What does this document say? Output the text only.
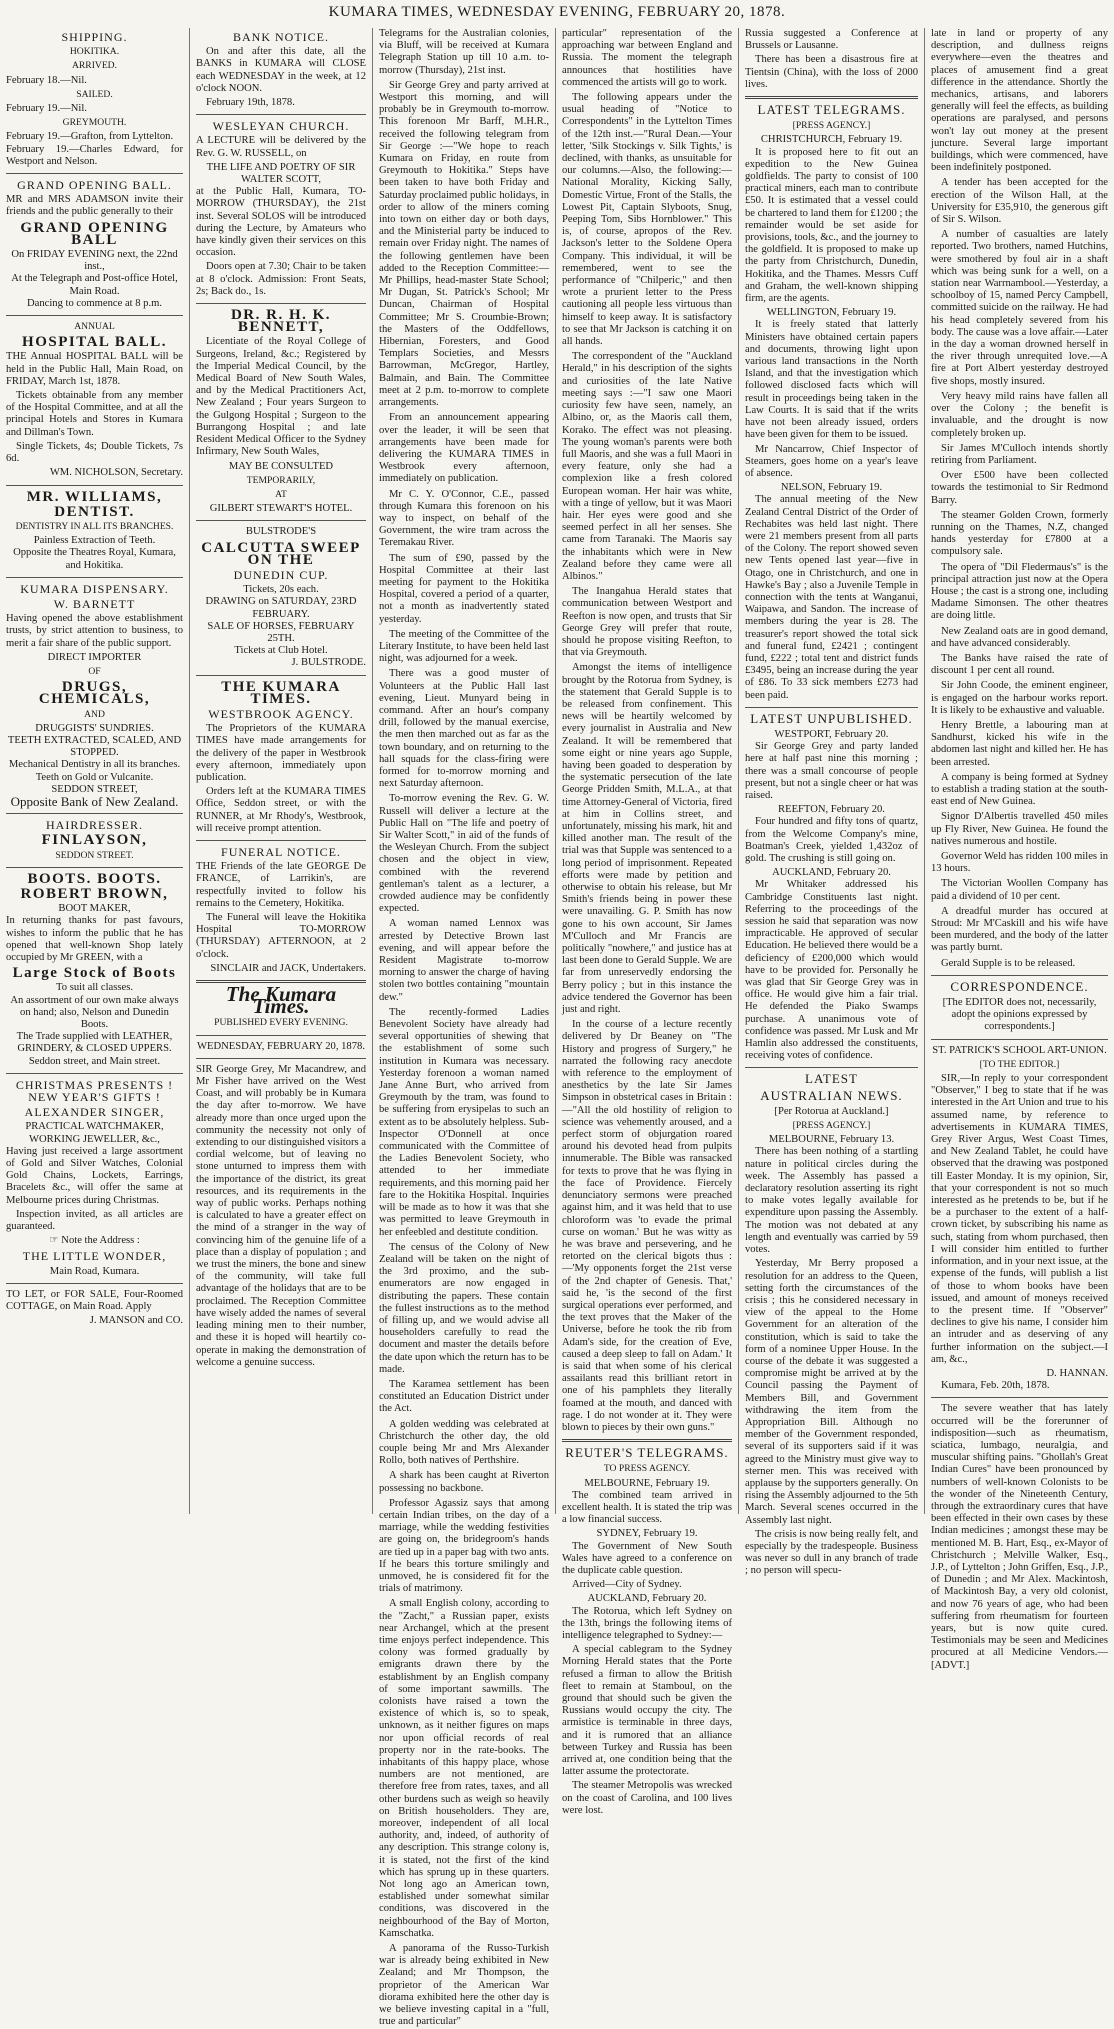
KUMARA TIMES, WEDNESDAY EVENING, FEBRUARY 20, 1878.
SHIPPING.
HOKITIKA.
ARRIVED.
February 18.—Nil.
SAILED.
February 19.—Nil.
GREYMOUTH.
February 19.—Grafton, from Lyttelton.
February 19.—Charles Edward, for Westport and Nelson.
GRAND OPENING BALL.

MR and MRS ADAMSON invite their friends and the public generally to their

GRAND OPENING BALL
On FRIDAY EVENING next, the 22nd inst.,
At the Telegraph and Post-office Hotel, Main Road.
Dancing to commence at 8 p.m.
ANNUAL
HOSPITAL BALL.

THE Annual HOSPITAL BALL will be held in the Public Hall, Main Road, on FRIDAY, March 1st, 1878.

Tickets obtainable from any member of the Hospital Committee, and at all the principal Hotels and Stores in Kumara and Dillman's Town.

Single Tickets, 4s; Double Tickets, 7s 6d.

WM. NICHOLSON, Secretary.
MR. WILLIAMS,
DENTIST.
DENTISTRY IN ALL ITS BRANCHES.
Painless Extraction of Teeth.
Opposite the Theatres Royal, Kumara, and Hokitika.
KUMARA DISPENSARY.
W. BARNETT

Having opened the above establishment trusts, by strict attention to business, to merit a fair share of the public support.

DIRECT IMPORTER
OF
DRUGS, CHEMICALS,
AND
DRUGGISTS' SUNDRIES.
TEETH EXTRACTED, SCALED, AND STOPPED.
Mechanical Dentistry in all its branches. Teeth on Gold or Vulcanite.
SEDDON STREET,
Opposite Bank of New Zealand.
HAIRDRESSER.
FINLAYSON,
SEDDON STREET.
BOOTS. BOOTS.
ROBERT BROWN,
BOOT MAKER,

In returning thanks for past favours, wishes to inform the public that he has opened that well-known Shop lately occupied by Mr GREEN, with a

Large Stock of Boots
To suit all classes.
An assortment of our own make always on hand; also, Nelson and Dunedin Boots.
The Trade supplied with LEATHER, GRINDERY, & CLOSED UPPERS.
Seddon street, and Main street.
CHRISTMAS PRESENTS ! NEW YEAR'S GIFTS !
ALEXANDER SINGER,
PRACTICAL WATCHMAKER,
WORKING JEWELLER, &c.,

Having just received a large assortment of Gold and Silver Watches, Colonial Gold Chains, Lockets, Earrings, Bracelets &c., will offer the same at Melbourne prices during Christmas.

Inspection invited, as all articles are guaranteed.

☞ Note the Address :
THE LITTLE WONDER,
Main Road, Kumara.

TO LET, or FOR SALE, Four-Roomed COTTAGE, on Main Road. Apply

J. MANSON and CO.
BANK NOTICE.

On and after this date, all the BANKS in KUMARA will CLOSE each WEDNESDAY in the week, at 12 o'clock NOON.

February 19th, 1878.

WESLEYAN CHURCH.

A LECTURE will be delivered by the Rev. G. W. RUSSELL, on

THE LIFE AND POETRY OF SIR WALTER SCOTT,

at the Public Hall, Kumara, TO-MORROW (THURSDAY), the 21st inst. Several SOLOS will be introduced during the Lecture, by Amateurs who have kindly given their services on this occasion.

Doors open at 7.30; Chair to be taken at 8 o'clock. Admission: Front Seats, 2s; Back do., 1s.

DR. R. H. K. BENNETT,

Licentiate of the Royal College of Surgeons, Ireland, &c.; Registered by the Imperial Medical Council, by the Medical Board of New South Wales, and by the Medical Practitioners Act, New Zealand ; Four years Surgeon to the Gulgong Hospital ; Surgeon to the Burrangong Hospital ; and late Resident Medical Officer to the Sydney Infirmary, New South Wales,

MAY BE CONSULTED
TEMPORARILY,
AT
GILBERT STEWART'S HOTEL.
BULSTRODE'S
CALCUTTA SWEEP ON THE
DUNEDIN CUP.
Tickets, 20s each.
DRAWING on SATURDAY, 23RD FEBRUARY.
SALE OF HORSES, FEBRUARY 25TH.
Tickets at Club Hotel.
J. BULSTRODE.
THE KUMARA TIMES.
WESTBROOK AGENCY.

The Proprietors of the KUMARA TIMES have made arrangements for the delivery of the paper in Westbrook every afternoon, immediately upon publication.

Orders left at the KUMARA TIMES Office, Seddon street, or with the RUNNER, at Mr Rhody's, Westbrook, will receive prompt attention.

FUNERAL NOTICE.

THE Friends of the late GEORGE De FRANCE, of Larrikin's, are respectfully invited to follow his remains to the Cemetery, Hokitika.

The Funeral will leave the Hokitika Hospital TO-MORROW (THURSDAY) AFTERNOON, at 2 o'clock.

SINCLAIR and JACK, Undertakers.
The Kumara Times.
PUBLISHED EVERY EVENING.
WEDNESDAY, FEBRUARY 20, 1878.

SIR George Grey, Mr Macandrew, and Mr Fisher have arrived on the West Coast, and will probably be in Kumara the day after to-morrow. We have already more than once urged upon the community the necessity not only of extending to our distinguished visitors a cordial welcome, but of leaving no stone unturned to impress them with the importance of the district, its great resources, and its requirements in the way of public works. Perhaps nothing is calculated to have a greater effect on the mind of a stranger in the way of convincing him of the genuine life of a place than a display of population ; and we trust the miners, the bone and sinew of the community, will take full advantage of the holidays that are to be proclaimed. The Reception Committee have wisely added the names of several leading mining men to their number, and these it is hoped will heartily co-operate in making the demonstration of welcome a genuine success.

Telegrams for the Australian colonies, via Bluff, will be received at Kumara Telegraph Station up till 10 a.m. to-morrow (Thursday), 21st inst.

Sir George Grey and party arrived at Westport this morning, and will probably be in Greymouth to-morrow. This forenoon Mr Barff, M.H.R., received the following telegram from Sir George :—"We hope to reach Kumara on Friday, en route from Greymouth to Hokitika." Steps have been taken to have both Friday and Saturday proclaimed public holidays, in order to allow of the miners coming into town on either day or both days, and the Ministerial party be induced to remain over Friday night. The names of the following gentlemen have been added to the Reception Committee:—Mr Phillips, head-master State School; Mr Dugan, St. Patrick's School; Mr Duncan, Chairman of Hospital Committee; Mr S. Croumbie-Brown; the Masters of the Oddfellows, Hibernian, Foresters, and Good Templars Societies, and Messrs Barrowman, McGregor, Hartley, Balmain, and Bain. The Committee meet at 2 p.m. to-morrow to complete arrangements.

From an announcement appearing over the leader, it will be seen that arrangements have been made for delivering the KUMARA TIMES in Westbrook every afternoon, immediately on publication.

Mr C. Y. O'Connor, C.E., passed through Kumara this forenoon on his way to inspect, on behalf of the Government, the wire tram across the Teremakau River.

The sum of £90, passed by the Hospital Committee at their last meeting for payment to the Hokitika Hospital, covered a period of a quarter, not a month as inadvertently stated yesterday.

The meeting of the Committee of the Literary Institute, to have been held last night, was adjourned for a week.

There was a good muster of Volunteers at the Public Hall last evening, Lieut. Munyard being in command. After an hour's company drill, followed by the manual exercise, the men then marched out as far as the town boundary, and on returning to the hall squads for the class-firing were formed for to-morrow morning and next Saturday afternoon.

To-morrow evening the Rev. G. W. Russell will deliver a lecture at the Public Hall on "The life and poetry of Sir Walter Scott," in aid of the funds of the Wesleyan Church. From the subject chosen and the object in view, combined with the reverend gentleman's talent as a lecturer, a crowded audience may be confidently expected.

A woman named Lennox was arrested by Detective Brown last evening, and will appear before the Resident Magistrate to-morrow morning to answer the charge of having stolen two bottles containing "mountain dew."

The recently-formed Ladies Benevolent Society have already had several opportunities of shewing that the establishment of some such institution in Kumara was necessary. Yesterday forenoon a woman named Jane Anne Burt, who arrived from Greymouth by the tram, was found to be suffering from erysipelas to such an extent as to be absolutely helpless. Sub-Inspector O'Donnell at once communicated with the Committee of the Ladies Benevolent Society, who attended to her immediate requirements, and this morning paid her fare to the Hokitika Hospital. Inquiries will be made as to how it was that she was permitted to leave Greymouth in her enfeebled and destitute condition.

The census of the Colony of New Zealand will be taken on the night of the 3rd proximo, and the sub-enumerators are now engaged in distributing the papers. These contain the fullest instructions as to the method of filling up, and we would advise all householders carefully to read the document and master the details before the date upon which the return has to be made.

The Karamea settlement has been constituted an Education District under the Act.

A golden wedding was celebrated at Christchurch the other day, the old couple being Mr and Mrs Alexander Rollo, both natives of Perthshire.

A shark has been caught at Riverton possessing no backbone.

Professor Agassiz says that among certain Indian tribes, on the day of a marriage, while the wedding festivities are going on, the bridegroom's hands are tied up in a paper bag with two ants. If he bears this torture smilingly and unmoved, he is considered fit for the trials of matrimony.

A small English colony, according to the "Zacht," a Russian paper, exists near Archangel, which at the present time enjoys perfect independence. This colony was formed gradually by emigrants drawn there by the establishment by an English company of some important sawmills. The colonists have raised a town the existence of which is, so to speak, unknown, as it neither figures on maps nor upon official records of real property nor in the rate-books. The inhabitants of this happy place, whose numbers are not mentioned, are therefore free from rates, taxes, and all other burdens such as weigh so heavily on British householders. They are, moreover, independent of all local authority, and, indeed, of authority of any description. This strange colony is, it is stated, not the first of the kind which has sprung up in these quarters. Not long ago an American town, established under somewhat similar conditions, was discovered in the neighbourhood of the Bay of Morton, Kamschatka.

A panorama of the Russo-Turkish war is already being exhibited in New Zealand; and Mr Thompson, the proprietor of the American War diorama exhibited here the other day is we believe investing capital in a "full, true and particular"

particular" representation of the approaching war between England and Russia. The moment the telegraph announces that hostilities have commenced the artists will go to work.

The following appears under the usual heading of "Notice to Correspondents" in the Lyttelton Times of the 12th inst.—"Rural Dean.—Your letter, 'Silk Stockings v. Silk Tights,' is declined, with thanks, as unsuitable for our columns.—Also, the following:—National Morality, Kicking Sally, Domestic Virtue, Front of the Stalls, the Lowest Pit, Captain Slyboots, Snug, Peeping Tom, Sibs Hornblower." This is, of course, apropos of the Rev. Jackson's letter to the Soldene Opera Company. This individual, it will be remembered, went to see the performance of "Chilperic," and then wrote a prurient letter to the Press cautioning all people less virtuous than himself to keep away. It is satisfactory to see that Mr Jackson is catching it on all hands.

The correspondent of the "Auckland Herald," in his description of the sights and curiosities of the late Native meeting says :—"I saw one Maori curiosity few have seen, namely, an Albino, or, as the Maoris call them, Korako. The effect was not pleasing. The young woman's parents were both full Maoris, and she was a full Maori in every feature, only she had a complexion like a fresh colored European woman. Her hair was white, with a tinge of yellow, but it was Maori hair. Her eyes were good and she seemed perfect in all her senses. She came from Taranaki. The Maoris say the inhabitants which were in New Zealand before they came were all Albinos."

The Inangahua Herald states that communication between Westport and Reefton is now open, and trusts that Sir George Grey will prefer that route, should he propose visiting Reefton, to that via Greymouth.

Amongst the items of intelligence brought by the Rotorua from Sydney, is the statement that Gerald Supple is to be released from confinement. This news will be heartily welcomed by every journalist in Australia and New Zealand. It will be remembered that some eight or nine years ago Supple, having been goaded to desperation by the systematic persecution of the late George Pridden Smith, M.L.A., at that time Attorney-General of Victoria, fired at him in Collins street, and unfortunately, missing his mark, hit and killed another man. The result of the trial was that Supple was sentenced to a long period of imprisonment. Repeated efforts were made by petition and otherwise to obtain his release, but Mr Smith's friends being in power these were unavailing. G. P. Smith has now gone to his own account, Sir James M'Culloch and Mr Francis are politically "nowhere," and justice has at last been done to Gerald Supple. We are far from unreservedly endorsing the Berry policy ; but in this instance the advice tendered the Governor has been just and right.

In the course of a lecture recently delivered by Dr Beaney on "The History and progress of Surgery," he narrated the following racy anecdote with reference to the employment of anesthetics by the late Sir James Simpson in obstetrical cases in Britain :—"All the old hostility of religion to science was vehemently aroused, and a perfect storm of objurgation roared around his devoted head from pulpits innumerable. The Bible was ransacked for texts to prove that he was flying in the face of Providence. Fiercely denunciatory sermons were preached against him, and it was held that to use chloroform was 'to evade the primal curse on woman.' But he was witty as he was brave and persevering, and he retorted on the clerical bigots thus :—'My opponents forget the 21st verse of the 2nd chapter of Genesis. That,' said he, 'is the second of the first surgical operations ever performed, and the text proves that the Maker of the Universe, before he took the rib from Adam's side, for the creation of Eve, caused a deep sleep to fall on Adam.' It is said that when some of his clerical assailants read this brilliant retort in one of his pamphlets they literally foamed at the mouth, and danced with rage. I do not wonder at it. They were blown to pieces by their own guns."

REUTER'S TELEGRAMS.
TO PRESS AGENCY.
MELBOURNE, February 19.

The combined team arrived in excellent health. It is stated the trip was a low financial success.

SYDNEY, February 19.

The Government of New South Wales have agreed to a conference on the duplicate cable question.

Arrived—City of Sydney.

AUCKLAND, February 20.

The Rotorua, which left Sydney on the 13th, brings the following items of intelligence telegraphed to Sydney:—

A special cablegram to the Sydney Morning Herald states that the Porte refused a firman to allow the British fleet to remain at Stamboul, on the ground that should such be given the Russians would occupy the city. The armistice is terminable in three days, and it is rumored that an alliance between Turkey and Russia has been arrived at, one condition being that the latter assume the protectorate.

The steamer Metropolis was wrecked on the coast of Carolina, and 100 lives were lost.

Russia suggested a Conference at Brussels or Lausanne.

There has been a disastrous fire at Tientsin (China), with the loss of 2000 lives.

LATEST TELEGRAMS.
[PRESS AGENCY.]
CHRISTCHURCH, February 19.

It is proposed here to fit out an expedition to the New Guinea goldfields. The party to consist of 100 practical miners, each man to contribute £50. It is estimated that a vessel could be chartered to land them for £1200 ; the remainder would be set aside for provisions, tools, &c., and the journey to the goldfield. It is proposed to make up the party from Christchurch, Dunedin, Hokitika, and the Thames. Messrs Cuff and Graham, the well-known shipping firm, are the agents.

WELLINGTON, February 19.

It is freely stated that latterly Ministers have obtained certain papers and documents, throwing light upon various land transactions in the North Island, and that the investigation which followed disclosed facts which will result in proceedings being taken in the Law Courts. It is said that if the writs have not been already issued, orders have been given for them to be issued.

Mr Nancarrow, Chief Inspector of Steamers, goes home on a year's leave of absence.

NELSON, February 19.

The annual meeting of the New Zealand Central District of the Order of Rechabites was held last night. There were 21 members present from all parts of the Colony. The report showed seven new Tents opened last year—five in Otago, one in Christchurch, and one in Hawke's Bay ; also a Juvenile Temple in connection with the tents at Wanganui, Waipawa, and Sandon. The increase of members during the year is 28. The treasurer's report showed the total sick and funeral fund, £2421 ; contingent fund, £222 ; total tent and district funds £3495, being an increase during the year of £86. To 33 sick members £273 had been paid.

LATEST UNPUBLISHED.
WESTPORT, February 20.

Sir George Grey and party landed here at half past nine this morning ; there was a small concourse of people present, but not a single cheer or hat was raised.

REEFTON, February 20.

Four hundred and fifty tons of quartz, from the Welcome Company's mine, Boatman's Creek, yielded 1,432oz of gold. The crushing is still going on.

AUCKLAND, February 20.

Mr Whitaker addressed his Cambridge Constituents last night. Referring to the proceedings of the session he said that separation was now impracticable. He approved of secular Education. He believed there would be a deficiency of £200,000 which would have to be provided for. Personally he was glad that Sir George Grey was in office. He would give him a fair trial. He defended the Piako Swamps purchase. A unanimous vote of confidence was passed. Mr Lusk and Mr Hamlin also addressed the constituents, receiving votes of confidence.

LATEST
AUSTRALIAN NEWS.
[Per Rotorua at Auckland.]
[PRESS AGENCY.]
MELBOURNE, February 13.

There has been nothing of a startling nature in political circles during the week. The Assembly has passed a declaratory resolution asserting its right to make votes legally available for expenditure upon passing the Assembly. The motion was not debated at any length and eventually was carried by 59 votes.

Yesterday, Mr Berry proposed a resolution for an address to the Queen, setting forth the circumstances of the crisis ; this he considered necessary in view of the appeal to the Home Government for an alteration of the constitution, which is said to take the form of a nominee Upper House. In the course of the debate it was suggested a compromise might be arrived at by the Council passing the Payment of Members Bill, and Government withdrawing the item from the Appropriation Bill. Although no member of the Government responded, several of its supporters said if it was agreed to the Ministry must give way to sterner men. This was received with applause by the supporters generally. On rising the Assembly adjourned to the 5th March. Several scenes occurred in the Assembly last night.

The crisis is now being really felt, and especially by the tradespeople. Business was never so dull in any branch of trade ; no person will specu-

late in land or property of any description, and dullness reigns everywhere—even the theatres and places of amusement find a great difference in the attendance. Shortly the mechanics, artisans, and laborers generally will feel the effects, as building operations are paralysed, and persons won't lay out money at the present juncture. Several large important buildings, which were commenced, have been indefinitely postponed.

A tender has been accepted for the erection of the Wilson Hall, at the University for £35,910, the generous gift of Sir S. Wilson.

A number of casualties are lately reported. Two brothers, named Hutchins, were smothered by foul air in a shaft which was being sunk for a well, on a station near Warrnambool.—Yesterday, a schoolboy of 15, named Percy Campbell, committed suicide on the railway. He had his head completely severed from his body. The cause was a love affair.—Later in the day a woman drowned herself in the river through unrequited love.—A fire at Port Albert yesterday destroyed five shops, mostly insured.

Very heavy mild rains have fallen all over the Colony ; the benefit is invaluable, and the drought is now completely broken up.

Sir James M'Culloch intends shortly retiring from Parliament.

Over £500 have been collected towards the testimonial to Sir Redmond Barry.

The steamer Golden Crown, formerly running on the Thames, N.Z, changed hands yesterday for £7800 at a compulsory sale.

The opera of "Dil Fledermaus's" is the principal attraction just now at the Opera House ; the cast is a strong one, including Madame Simonsen. The other theatres are doing little.

New Zealand oats are in good demand, and have advanced considerably.

The Banks have raised the rate of discount 1 per cent all round.

Sir John Coode, the eminent engineer, is engaged on the harbour works report. It is likely to be exhaustive and valuable.

Henry Brettle, a labouring man at Sandhurst, kicked his wife in the abdomen last night and killed her. He has been arrested.

A company is being formed at Sydney to establish a trading station at the south-east end of New Guinea.

Signor D'Albertis travelled 450 miles up Fly River, New Guinea. He found the natives numerous and hostile.

Governor Weld has ridden 100 miles in 13 hours.

The Victorian Woollen Company has paid a dividend of 10 per cent.

A dreadful murder has occured at Stroud: Mr M'Caskill and his wife have been murdered, and the body of the latter was partly burnt.

Gerald Supple is to be released.

CORRESPONDENCE.

[The EDITOR does not, necessarily, adopt the opinions expressed by correspondents.]

ST. PATRICK'S SCHOOL ART-UNION.
[TO THE EDITOR.]

SIR,—In reply to your correspondent "Observer," I beg to state that if he was interested in the Art Union and true to his assumed name, by reference to advertisements in KUMARA TIMES, Grey River Argus, West Coast Times, and New Zealand Tablet, he could have observed that the drawing was postponed till Easter Monday. It is my opinion, Sir, that your correspondent is not so much interested as he pretends to be, but if he be a purchaser to the extent of a half-crown ticket, by subscribing his name as such, stating from whom purchased, then I will consider him entitled to further information, and in your next issue, at the expense of the funds, will publish a list of those to whom books have been issued, and amount of moneys received to the present time. If "Observer" declines to give his name, I consider him an intruder and as deserving of any further information on the subject.—I am, &c.,

D. HANNAN.

Kumara, Feb. 20th, 1878.

The severe weather that has lately occurred will be the forerunner of indisposition—such as rheumatism, sciatica, lumbago, neuralgia, and muscular shifting pains. "Ghollah's Great Indian Cures" have been pronounced by numbers of well-known Colonists to be the wonder of the Nineteenth Century, through the extraordinary cures that have been effected in their own cases by these Indian medicines ; amongst these may be mentioned M. B. Hart, Esq., ex-Mayor of Christchurch ; Melville Walker, Esq., J.P., of Lyttelton ; John Griffen, Esq., J.P., of Dunedin ; and Mr Alex. Mackintosh, of Mackintosh Bay, a very old colonist, and now 76 years of age, who had been suffering from rheumatism for fourteen years, but is now quite cured. Testimonials may be seen and Medicines procured at all Medicine Vendors.—[ADVT.]
